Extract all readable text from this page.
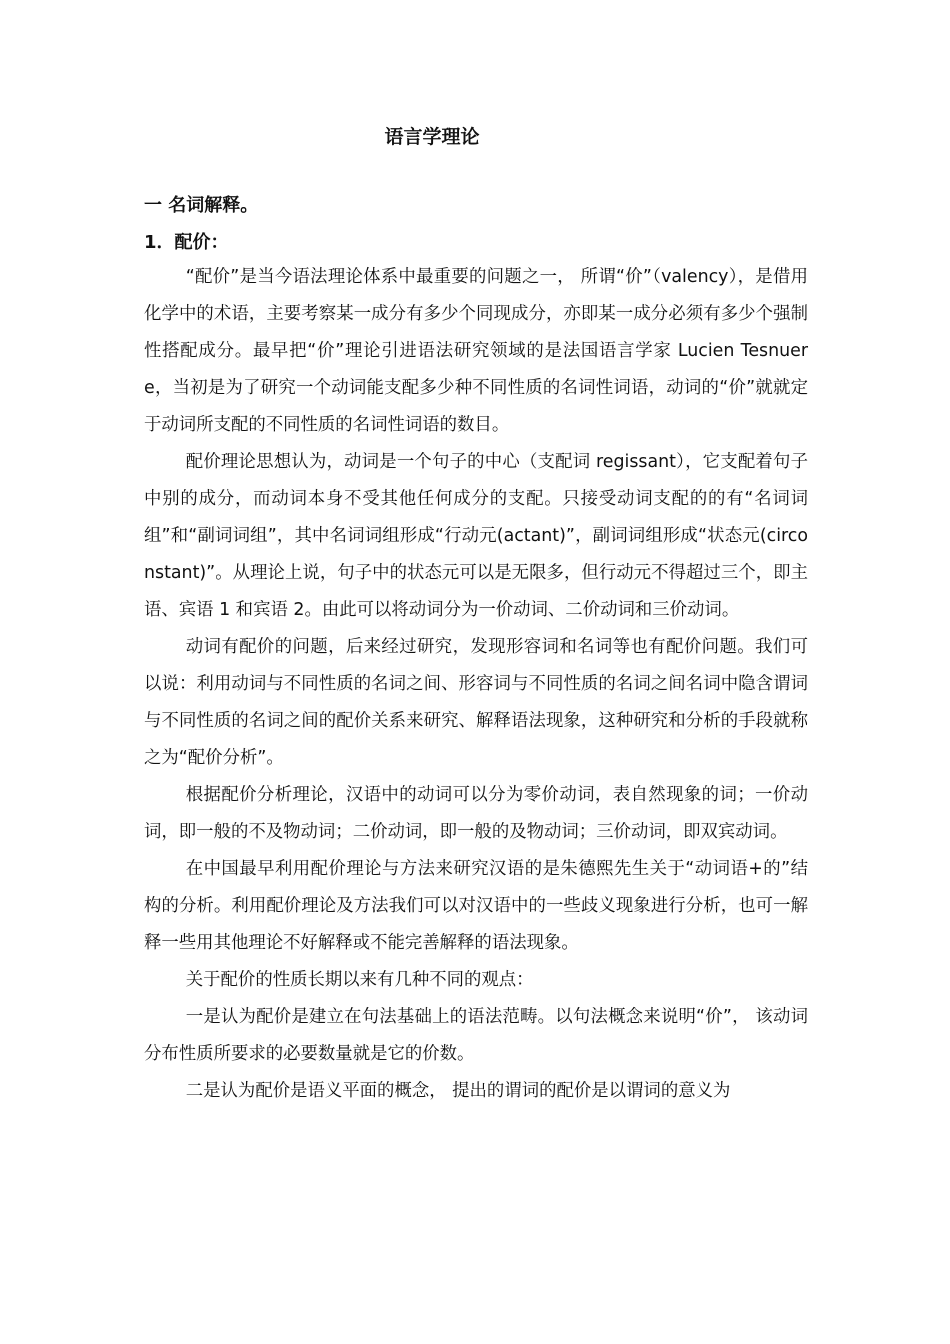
语言学理论
一 名词解释。
1．配价：

“配价”是当今语法理论体系中最重要的问题之一， 所谓“价”（valency），是借用化学中的术语，主要考察某一成分有多少个同现成分，亦即某一成分必须有多少个强制性搭配成分。最早把“价”理论引进语法研究领域的是法国语言学家 Lucien Tesnuere，当初是为了研究一个动词能支配多少种不同性质的名词性词语，动词的“价”就就定于动词所支配的不同性质的名词性词语的数目。

配价理论思想认为，动词是一个句子的中心（支配词 regissant），它支配着句子中别的成分，而动词本身不受其他任何成分的支配。只接受动词支配的的有“名词词组”和“副词词组”，其中名词词组形成“行动元(actant)”，副词词组形成“状态元(circonstant)”。从理论上说，句子中的状态元可以是无限多，但行动元不得超过三个，即主语、宾语 1 和宾语 2。由此可以将动词分为一价动词、二价动词和三价动词。

动词有配价的问题，后来经过研究，发现形容词和名词等也有配价问题。我们可以说：利用动词与不同性质的名词之间、形容词与不同性质的名词之间名词中隐含谓词与不同性质的名词之间的配价关系来研究、解释语法现象，这种研究和分析的手段就称之为“配价分析”。

根据配价分析理论，汉语中的动词可以分为零价动词，表自然现象的词；一价动词，即一般的不及物动词；二价动词，即一般的及物动词；三价动词，即双宾动词。

在中国最早利用配价理论与方法来研究汉语的是朱德熙先生关于“动词语+的”结构的分析。利用配价理论及方法我们可以对汉语中的一些歧义现象进行分析，也可一解释一些用其他理论不好解释或不能完善解释的语法现象。

关于配价的性质长期以来有几种不同的观点：

一是认为配价是建立在句法基础上的语法范畴。以句法概念来说明“价”， 该动词分布性质所要求的必要数量就是它的价数。

二是认为配价是语义平面的概念， 提出的谓词的配价是以谓词的意义为
